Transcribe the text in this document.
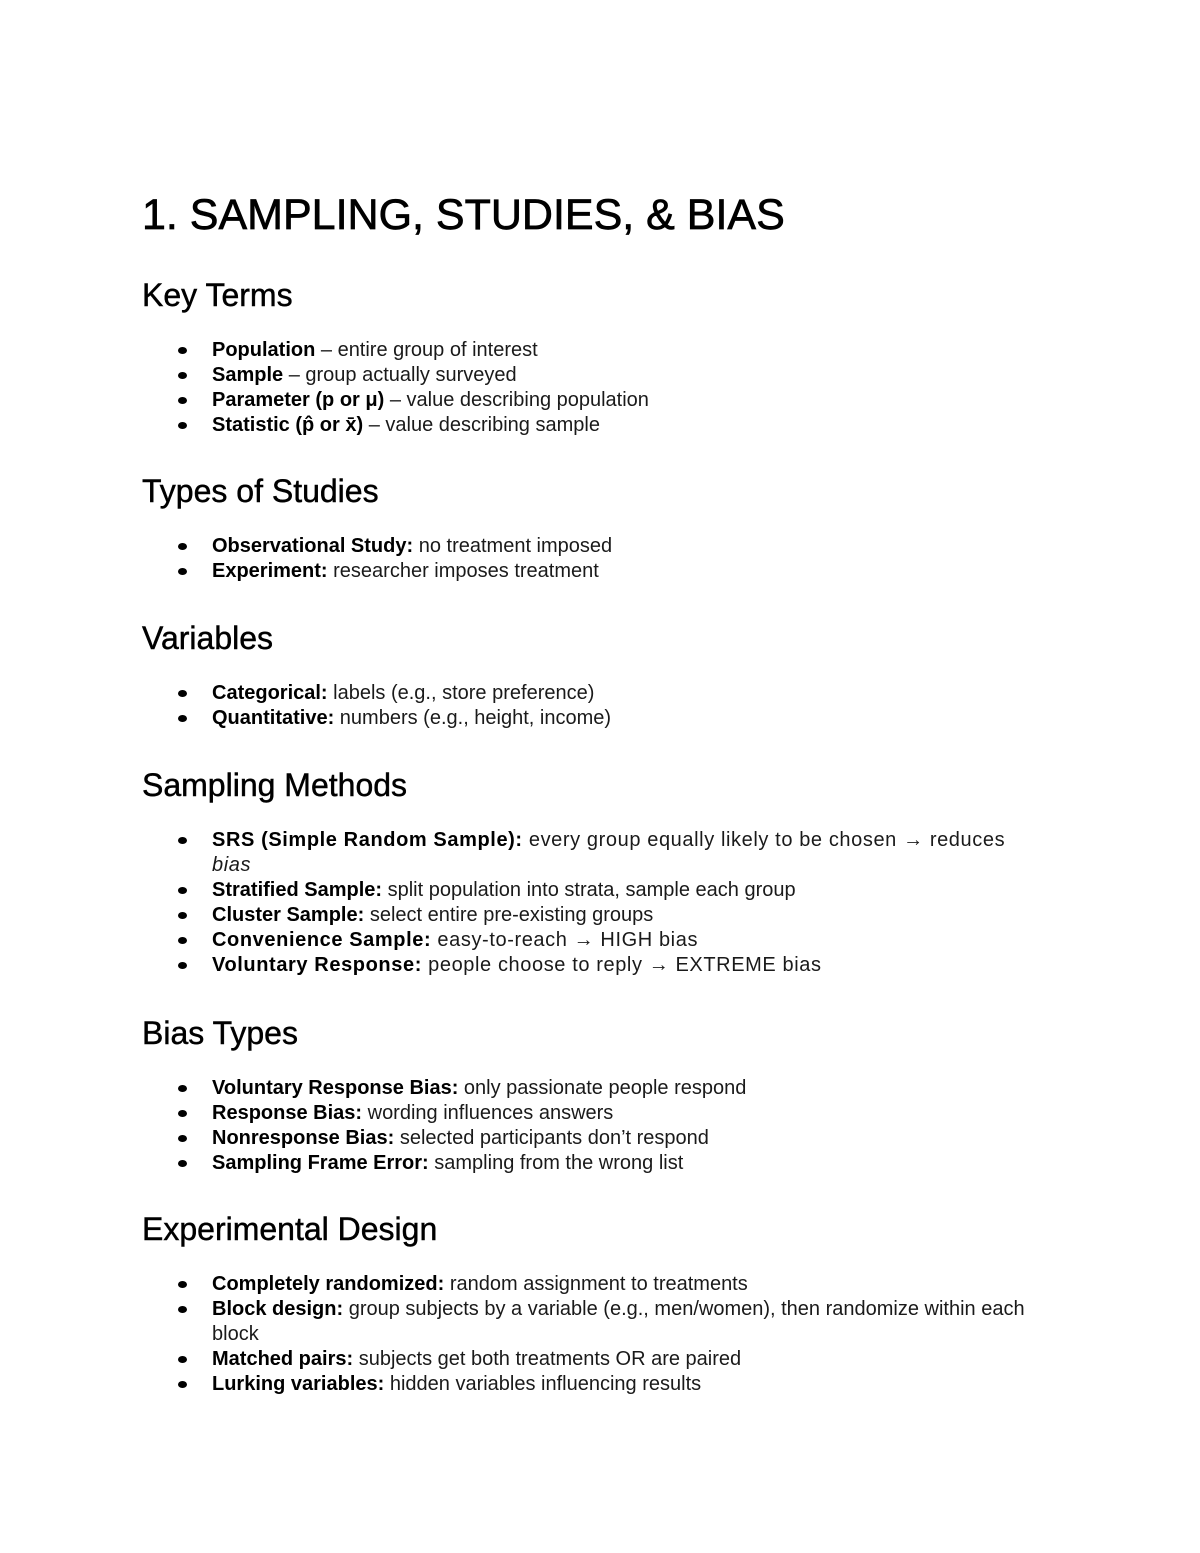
1. SAMPLING, STUDIES, & BIAS
Key Terms
Population – entire group of interest
Sample – group actually surveyed
Parameter (p or μ) – value describing population
Statistic (p̂ or x̄) – value describing sample
Types of Studies
Observational Study: no treatment imposed
Experiment: researcher imposes treatment
Variables
Categorical: labels (e.g., store preference)
Quantitative: numbers (e.g., height, income)
Sampling Methods
SRS (Simple Random Sample): every group equally likely to be chosen → reduces bias
Stratified Sample: split population into strata, sample each group
Cluster Sample: select entire pre-existing groups
Convenience Sample: easy-to-reach → HIGH bias
Voluntary Response: people choose to reply → EXTREME bias
Bias Types
Voluntary Response Bias: only passionate people respond
Response Bias: wording influences answers
Nonresponse Bias: selected participants don’t respond
Sampling Frame Error: sampling from the wrong list
Experimental Design
Completely randomized: random assignment to treatments
Block design: group subjects by a variable (e.g., men/women), then randomize within each block
Matched pairs: subjects get both treatments OR are paired
Lurking variables: hidden variables influencing results
